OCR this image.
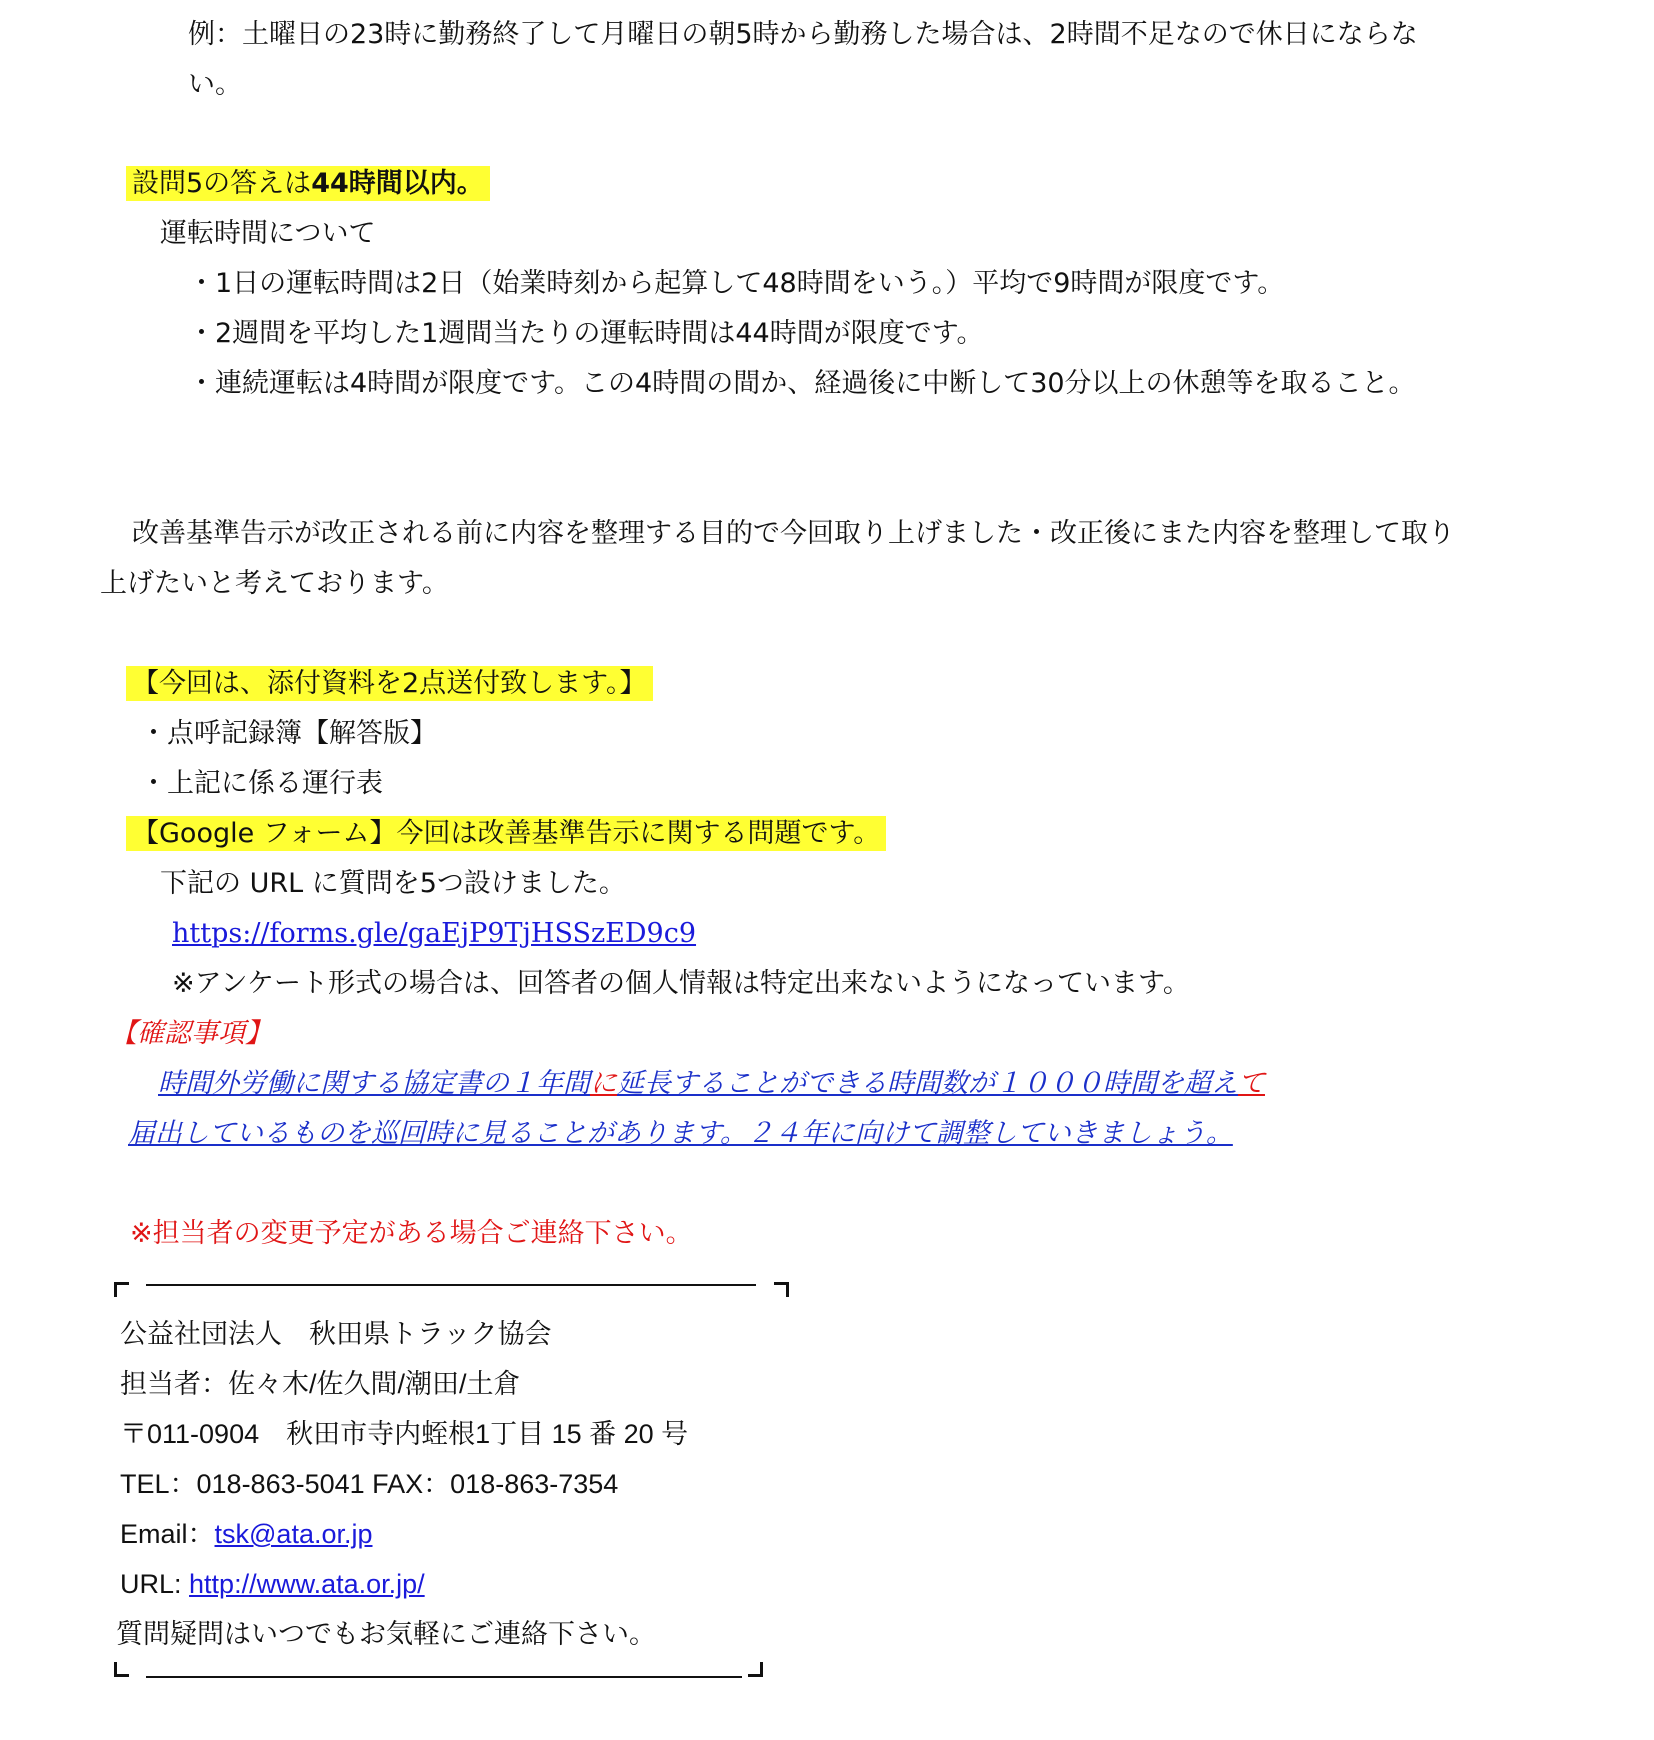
例：土曜日の23時に勤務終了して月曜日の朝5時から勤務した場合は、2時間不足なので休日にならな
い。
設問5の答えは44時間以内。
運転時間について
・1日の運転時間は2日（始業時刻から起算して48時間をいう。）平均で9時間が限度です。
・2週間を平均した1週間当たりの運転時間は44時間が限度です。
・連続運転は4時間が限度です。この4時間の間か、経過後に中断して30分以上の休憩等を取ること。
改善基準告示が改正される前に内容を整理する目的で今回取り上げました・改正後にまた内容を整理して取り
上げたいと考えております。
【今回は、添付資料を2点送付致します。】
・点呼記録簿【解答版】
・上記に係る運行表
【Google フォーム】今回は改善基準告示に関する問題です。
下記の URL に質問を5つ設けました。
https://forms.gle/gaEjP9TjHSSzED9c9
※アンケート形式の場合は、回答者の個人情報は特定出来ないようになっています。
【確認事項】
時間外労働に関する協定書の１年間に延長することができる時間数が１０００時間を超えて
届出しているものを巡回時に見ることがあります。２４年に向けて調整していきましょう。
※担当者の変更予定がある場合ご連絡下さい。
公益社団法人　秋田県トラック協会
担当者：佐々木/佐久間/潮田/土倉
〒011-0904　秋田市寺内蛭根1丁目 15 番 20 号
TEL：018-863-5041 FAX：018-863-7354
Email：tsk@ata.or.jp
URL: http://www.ata.or.jp/
質問疑問はいつでもお気軽にご連絡下さい。
